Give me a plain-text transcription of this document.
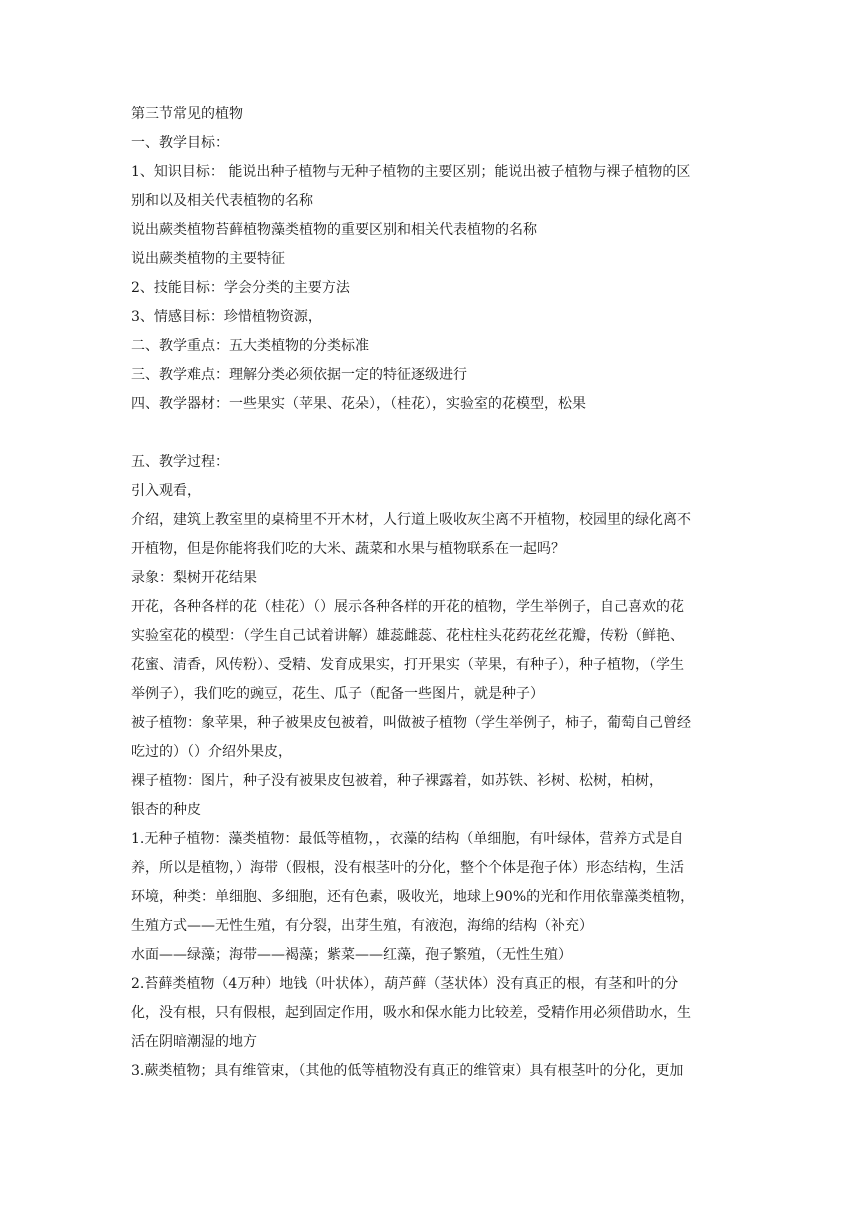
第三节常见的植物
一、教学目标：
1、知识目标： 能说出种子植物与无种子植物的主要区别；能说出被子植物与裸子植物的区
别和以及相关代表植物的名称
说出蕨类植物苔藓植物藻类植物的重要区别和相关代表植物的名称
说出蕨类植物的主要特征
2、技能目标：学会分类的主要方法
3、情感目标：珍惜植物资源，
二、教学重点：五大类植物的分类标准
三、教学难点：理解分类必须依据一定的特征逐级进行
四、教学器材：一些果实（苹果、花朵），（桂花），实验室的花模型，松果
五、教学过程：
引入观看，
介绍，建筑上教室里的桌椅里不开木材，人行道上吸收灰尘离不开植物，校园里的绿化离不
开植物，但是你能将我们吃的大米、蔬菜和水果与植物联系在一起吗？
录象：梨树开花结果
开花，各种各样的花（桂花）（）展示各种各样的开花的植物，学生举例子，自己喜欢的花
实验室花的模型：（学生自己试着讲解）雄蕊雌蕊、花柱柱头花药花丝花瓣，传粉（鲜艳、
花蜜、清香，风传粉）、受精、发育成果实，打开果实（苹果，有种子），种子植物，（学生
举例子），我们吃的豌豆，花生、瓜子（配备一些图片，就是种子）
被子植物：象苹果，种子被果皮包被着，叫做被子植物（学生举例子，柿子，葡萄自己曾经
吃过的）（）介绍外果皮，
裸子植物：图片，种子没有被果皮包被着，种子裸露着，如苏铁、衫树、松树，柏树，
银杏的种皮
1.无种子植物：藻类植物：最低等植物，，衣藻的结构（单细胞，有叶绿体，营养方式是自
养，所以是植物，）海带（假根，没有根茎叶的分化，整个个体是孢子体）形态结构，生活
环境，种类：单细胞、多细胞，还有色素，吸收光，地球上90%的光和作用依靠藻类植物，
生殖方式——无性生殖，有分裂，出芽生殖，有液泡，海绵的结构（补充）
水面——绿藻；海带——褐藻；紫菜——红藻，孢子繁殖，（无性生殖）
2.苔藓类植物（4万种）地钱（叶状体），葫芦藓（茎状体）没有真正的根，有茎和叶的分
化，没有根，只有假根，起到固定作用，吸水和保水能力比较差，受精作用必须借助水，生
活在阴暗潮湿的地方
3.蕨类植物；具有维管束，（其他的低等植物没有真正的维管束）具有根茎叶的分化，更加
